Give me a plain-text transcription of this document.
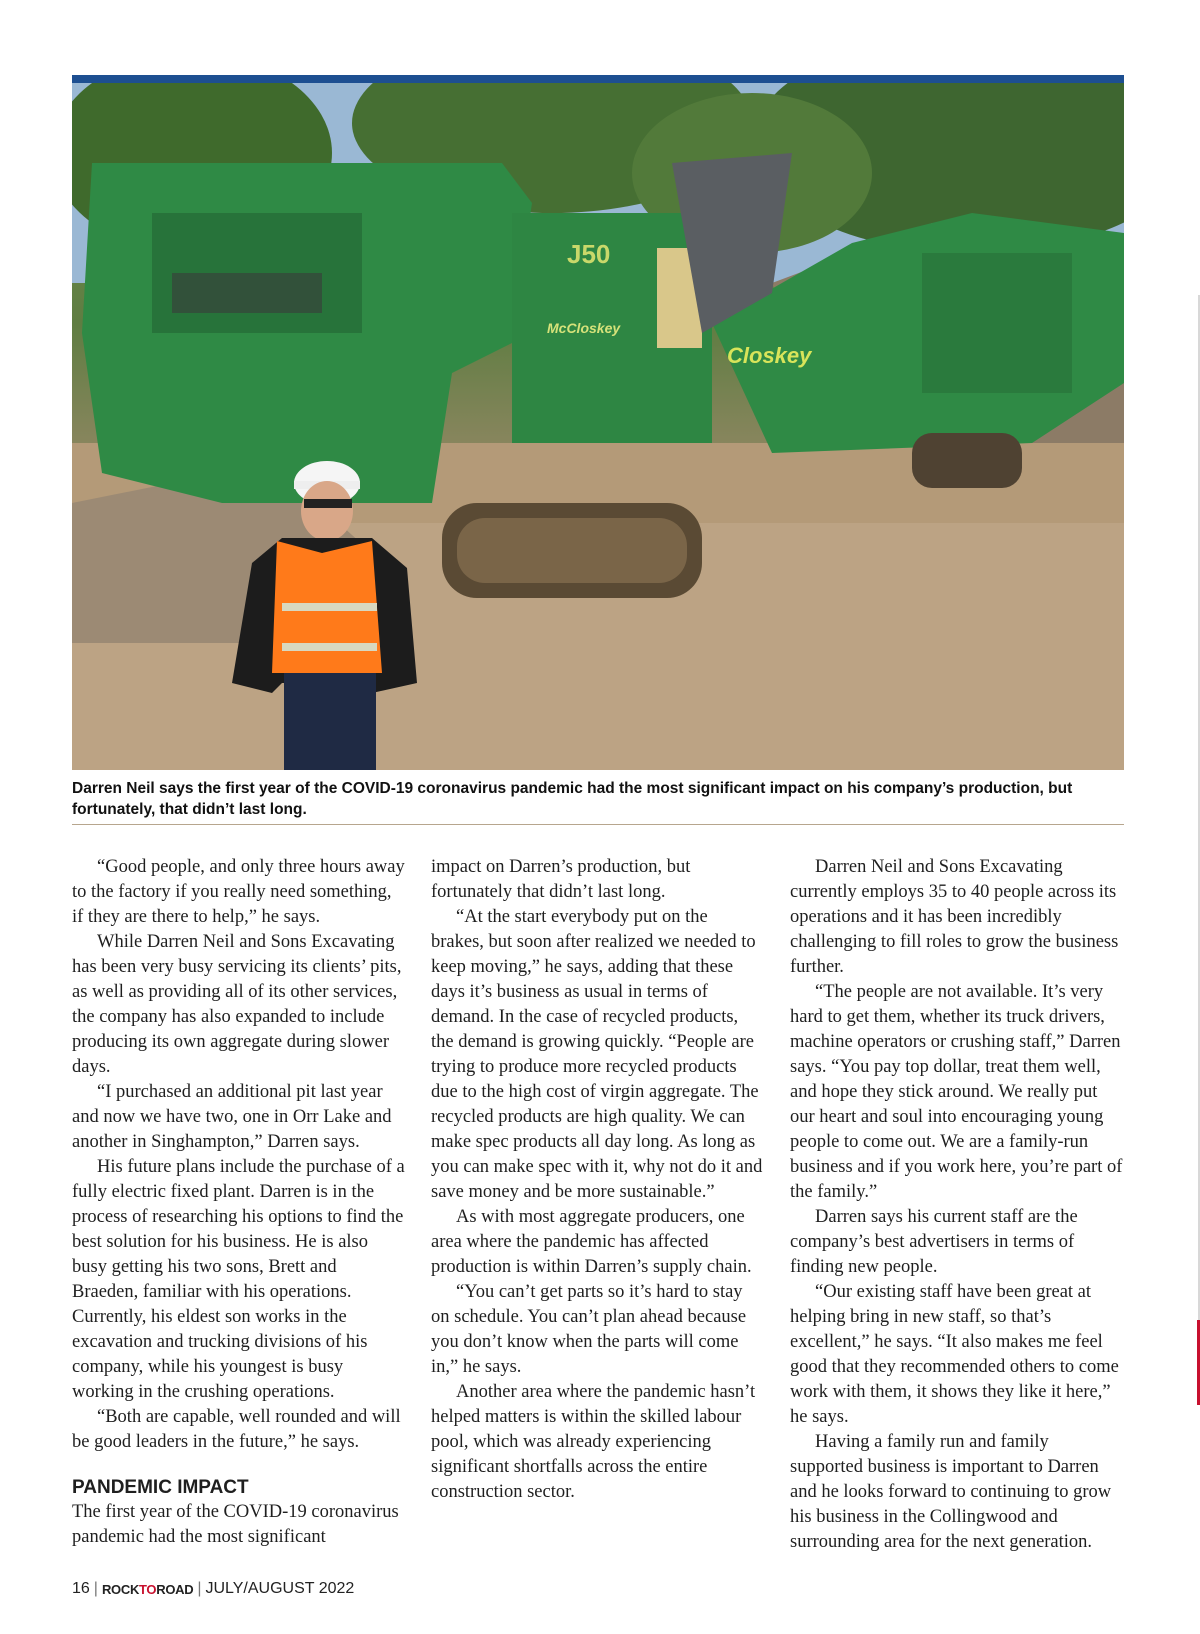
J50
McCloskey
Closkey

Darren Neil says the first year of the COVID-19 coronavirus pandemic had the most significant impact on his company’s production, but fortunately, that didn’t last long.

“Good people, and only three hours away to the factory if you really need something, if they are there to help,” he says.

While Darren Neil and Sons Excavating has been very busy servicing its clients’ pits, as well as providing all of its other services, the company has also expanded to include producing its own aggregate during slower days.

“I purchased an additional pit last year and now we have two, one in Orr Lake and another in Singhampton,” Darren says.

His future plans include the purchase of a fully electric fixed plant. Darren is in the process of researching his options to find the best solution for his business. He is also busy getting his two sons, Brett and Braeden, familiar with his operations. Currently, his eldest son works in the excavation and trucking divisions of his company, while his youngest is busy working in the crushing operations.

“Both are capable, well rounded and will be good leaders in the future,” he says.

PANDEMIC IMPACT

The first year of the COVID-19 coronavirus pandemic had the most significant

impact on Darren’s production, but fortunately that didn’t last long.

“At the start everybody put on the brakes, but soon after realized we needed to keep moving,” he says, adding that these days it’s business as usual in terms of demand. In the case of recycled products, the demand is growing quickly. “People are trying to produce more recycled products due to the high cost of virgin aggregate. The recycled products are high quality. We can make spec products all day long. As long as you can make spec with it, why not do it and save money and be more sustainable.”

As with most aggregate producers, one area where the pandemic has affected production is within Darren’s supply chain.

“You can’t get parts so it’s hard to stay on schedule. You can’t plan ahead because you don’t know when the parts will come in,” he says.

Another area where the pandemic hasn’t helped matters is within the skilled labour pool, which was already experiencing significant shortfalls across the entire construction sector.

Darren Neil and Sons Excavating currently employs 35 to 40 people across its operations and it has been incredibly challenging to fill roles to grow the business further.

“The people are not available. It’s very hard to get them, whether its truck drivers, machine operators or crushing staff,” Darren says. “You pay top dollar, treat them well, and hope they stick around. We really put our heart and soul into encouraging young people to come out. We are a family-run business and if you work here, you’re part of the family.”

Darren says his current staff are the company’s best advertisers in terms of finding new people.

“Our existing staff have been great at helping bring in new staff, so that’s excellent,” he says. “It also makes me feel good that they recommended others to come work with them, it shows they like it here,” he says.

Having a family run and family supported business is important to Darren and he looks forward to continuing to grow his business in the Collingwood and surrounding area for the next generation.

16 | ROCKTOROAD | JULY/AUGUST 2022
